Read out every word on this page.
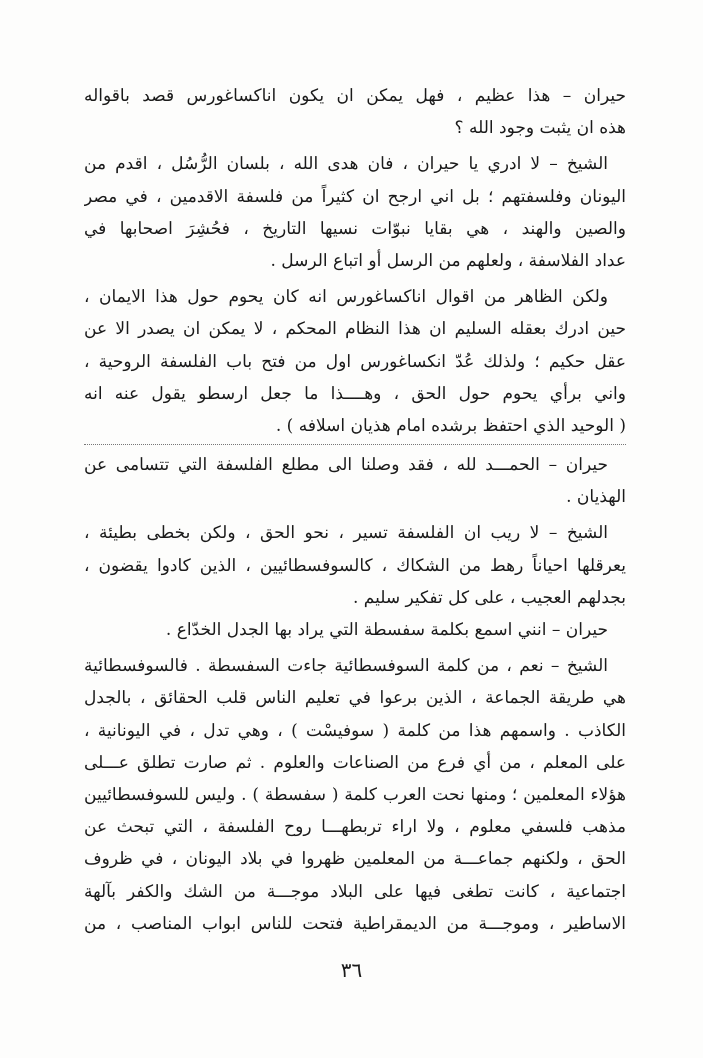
حيران – هذا عظيم ، فهل يمكن ان يكون اناكساغورس قصد باقواله
هذه ان يثبت وجود الله ؟
الشيخ – لا ادري يا حيران ، فان هدى الله ، بلسان الرُّسُل ، اقدم من
اليونان وفلسفتهم ؛ بل اني ارجح ان كثيراً من فلسفة الاقدمين ، في مصر
والصين والهند ، هي بقايا نبوّات نسيها التاريخ ، فحُشِرَ اصحابها في
عداد الفلاسفة ، ولعلهم من الرسل أو اتباع الرسل .
ولكن الظاهر من اقوال اناكساغورس انه كان يحوم حول هذا الايمان ،
حين ادرك بعقله السليم ان هذا النظام المحكم ، لا يمكن ان يصدر الا عن
عقل حكيم ؛ ولذلك عُدّ انكساغورس اول من فتح باب الفلسفة الروحية ،
واني برأي يحوم حول الحق ، وهــــذا ما جعل ارسطو يقول عنه انه
( الوحيد الذي احتفظ برشده امام هذيان اسلافه ) .
حيران – الحمـــد لله ، فقد وصلنا الى مطلع الفلسفة التي تتسامى عن
الهذيان .
الشيخ – لا ريب ان الفلسفة تسير ، نحو الحق ، ولكن بخطى بطيئة ،
يعرقلها احياناً رهط من الشكاك ، كالسوفسطائيين ، الذين كادوا يقضون ،
بجدلهم العجيب ، على كل تفكير سليم .
حيران – انني اسمع بكلمة سفسطة التي يراد بها الجدل الخدّاع .
الشيخ – نعم ، من كلمة السوفسطائية جاءت السفسطة . فالسوفسطائية
هي طريقة الجماعة ، الذين برعوا في تعليم الناس قلب الحقائق ، بالجدل
الكاذب . واسمهم هذا من كلمة ( سوفيسْت ) ، وهي تدل ، في اليونانية ،
على المعلم ، من أي فرع من الصناعات والعلوم . ثم صارت تطلق عـــلى
هؤلاء المعلمين ؛ ومنها نحت العرب كلمة ( سفسطة ) . وليس للسوفسطائيين
مذهب فلسفي معلوم ، ولا اراء تربطهـــا روح الفلسفة ، التي تبحث عن
الحق ، ولكنهم جماعـــة من المعلمين ظهروا في بلاد اليونان ، في ظروف
اجتماعية ، كانت تطغى فيها على البلاد موجـــة من الشك والكفر بآلهة
الاساطير ، وموجـــة من الديمقراطية فتحت للناس ابواب المناصب ، من
٣٦
